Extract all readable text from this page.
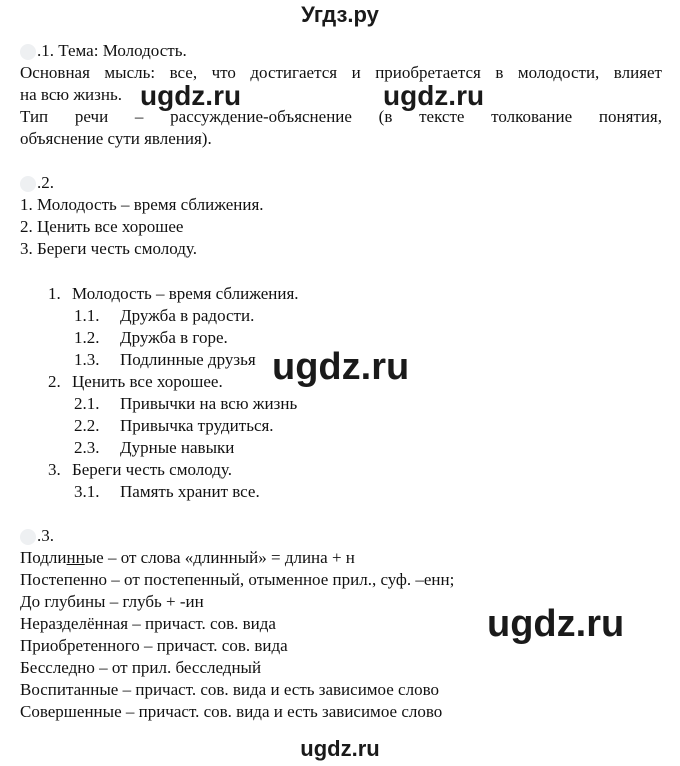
Угдз.ру
.1. Тема: Молодость.
Основная мысль: все, что достигается и приобретается в молодости, влияет
на всю жизнь.
Тип речи – рассуждение-объяснение (в тексте толкование понятия,
объяснение сути явления).
.2.
1. Молодость – время сближения.
2. Ценить все хорошее
3. Береги честь смолоду.
1. Молодость – время сближения.
1.1. Дружба в радости.
1.2. Дружба в горе.
1.3. Подлинные друзья
2. Ценить все хорошее.
2.1. Привычки на всю жизнь
2.2. Привычка трудиться.
2.3. Дурные навыки
3. Береги честь смолоду.
3.1. Память хранит все.
.3.
Подлинные – от слова «длинный» = длина + н
Постепенно – от постепенный, отыменное прил., суф. –енн;
До глубины – глубь + -ин
Неразделённая – причаст. сов. вида
Приобретенного – причаст. сов. вида
Бесследно – от прил. бесследный
Воспитанные – причаст. сов. вида и есть зависимое слово
Совершенные – причаст. сов. вида и есть зависимое слово
ugdz.ru	ugdz.ru
ugdz.ru
ugdz.ru
ugdz.ru
